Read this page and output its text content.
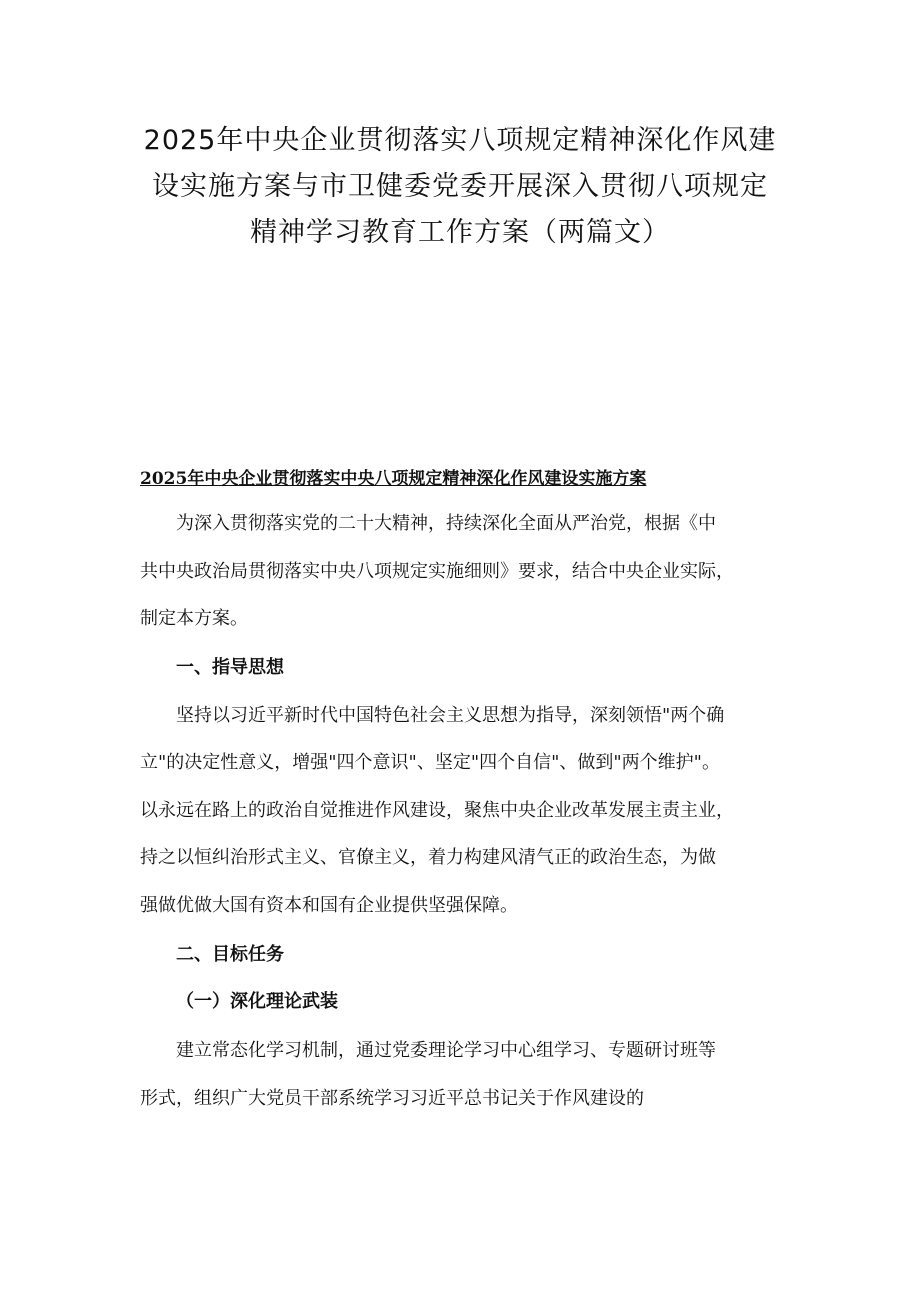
2025年中央企业贯彻落实八项规定精神深化作风建
设实施方案与市卫健委党委开展深入贯彻八项规定
精神学习教育工作方案（两篇文）
2025年中央企业贯彻落实中央八项规定精神深化作风建设实施方案

为深入贯彻落实党的二十大精神，持续深化全面从严治党，根据《中

共中央政治局贯彻落实中央八项规定实施细则》要求，结合中央企业实际，

制定本方案。

一、指导思想

坚持以习近平新时代中国特色社会主义思想为指导，深刻领悟"两个确

立"的决定性意义，增强"四个意识"、坚定"四个自信"、做到"两个维护"。

以永远在路上的政治自觉推进作风建设，聚焦中央企业改革发展主责主业，

持之以恒纠治形式主义、官僚主义，着力构建风清气正的政治生态，为做

强做优做大国有资本和国有企业提供坚强保障。

二、目标任务

（一）深化理论武装

建立常态化学习机制，通过党委理论学习中心组学习、专题研讨班等

形式，组织广大党员干部系统学习习近平总书记关于作风建设的
